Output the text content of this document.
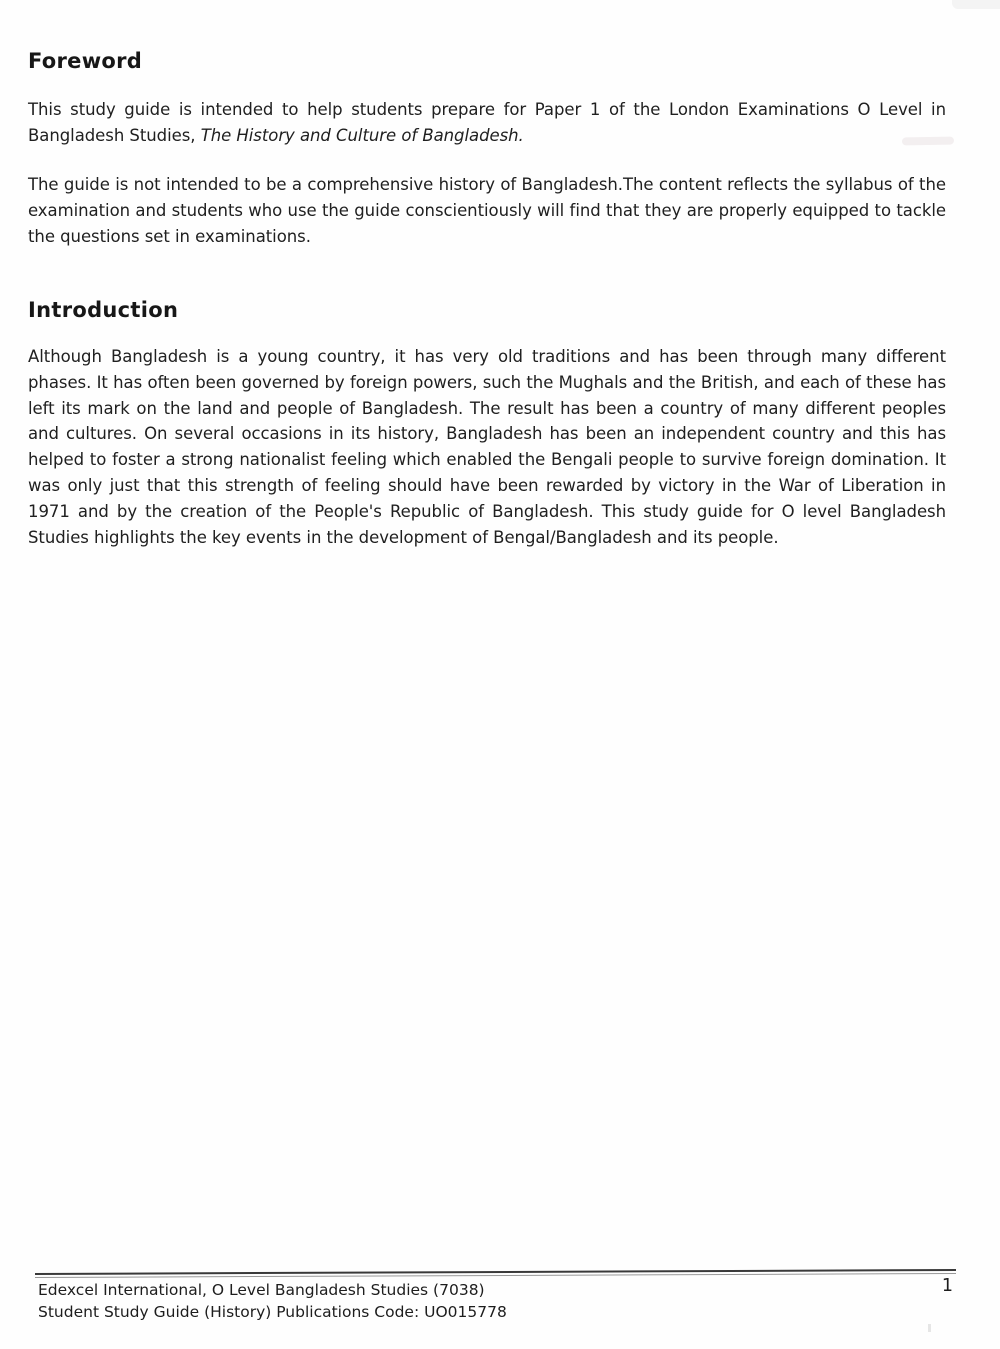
Foreword
This study guide is intended to help students prepare for Paper 1 of the London Examinations O Level in Bangladesh Studies, The History and Culture of Bangladesh.
The guide is not intended to be a comprehensive history of Bangladesh.The content reflects the syllabus of the examination and students who use the guide conscientiously will find that they are properly equipped to tackle the questions set in examinations.
Introduction
Although Bangladesh is a young country, it has very old traditions and has been through many different phases. It has often been governed by foreign powers, such the Mughals and the British, and each of these has left its mark on the land and people of Bangladesh. The result has been a country of many different peoples and cultures. On several occasions in its history, Bangladesh has been an independent country and this has helped to foster a strong nationalist feeling which enabled the Bengali people to survive foreign domination. It was only just that this strength of feeling should have been rewarded by victory in the War of Liberation in 1971 and by the creation of the People's Republic of Bangladesh. This study guide for O level Bangladesh Studies highlights the key events in the development of Bengal/Bangladesh and its people.
Edexcel International, O Level Bangladesh Studies (7038)
Student Study Guide (History) Publications Code: UO015778
1
